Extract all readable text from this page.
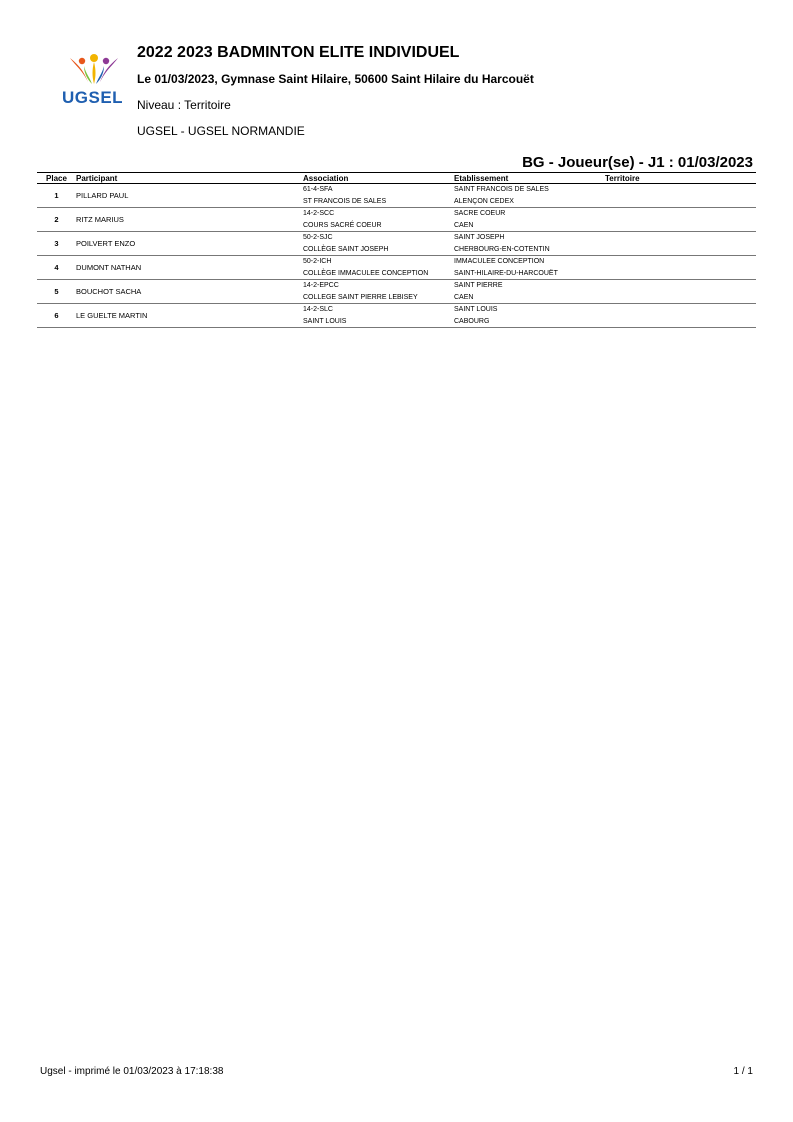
UGSEL
2022 2023 BADMINTON ELITE INDIVIDUEL
Le 01/03/2023, Gymnase Saint Hilaire, 50600 Saint Hilaire du Harcouët
Niveau : Territoire
UGSEL - UGSEL NORMANDIE
BG - Joueur(se) - J1 : 01/03/2023
Place	Participant	Association	Etablissement	Territoire
1	PILLARD PAUL	61-4-SFA	SAINT FRANCOIS DE SALES	

		ST FRANCOIS DE SALES	ALENÇON CEDEX	

2	RITZ MARIUS	14-2-SCC	SACRE COEUR	

		COURS SACRÉ COEUR	CAEN	

3	POILVERT ENZO	50-2-SJC	SAINT JOSEPH	

		COLLÈGE SAINT JOSEPH	CHERBOURG-EN-COTENTIN	

4	DUMONT NATHAN	50-2-ICH	IMMACULEE CONCEPTION	

		COLLÈGE IMMACULEE CONCEPTION	SAINT-HILAIRE-DU-HARCOUËT	

5	BOUCHOT SACHA	14-2-EPCC	SAINT PIERRE	

		COLLEGE SAINT PIERRE LEBISEY	CAEN	

6	LE GUELTE MARTIN	14-2-SLC	SAINT LOUIS	

		SAINT LOUIS	CABOURG	
Ugsel - imprimé le 01/03/2023 à 17:18:38	1 / 1
